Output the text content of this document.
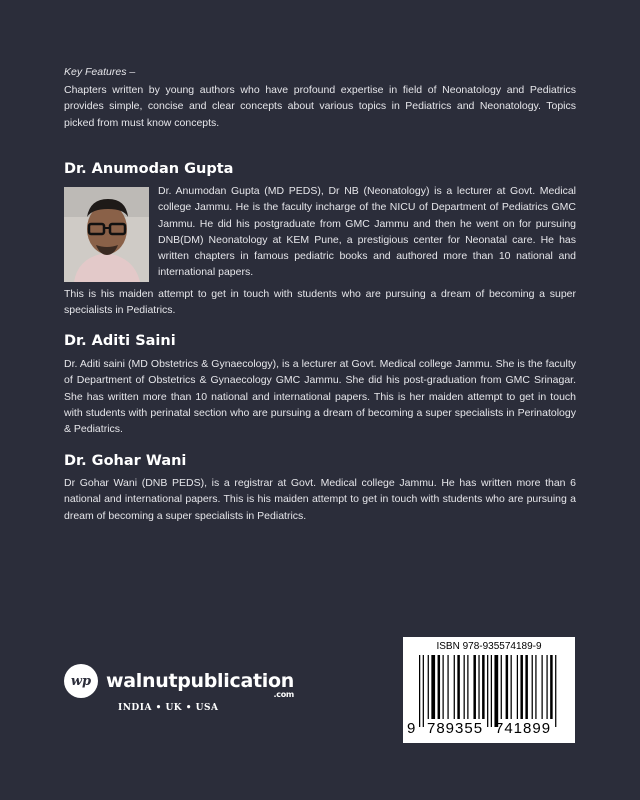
Key Features –
Chapters written by young authors who have profound expertise in field of Neonatology and Pediatrics provides simple, concise and clear concepts about various topics in Pediatrics and Neonatology. Topics picked from must know concepts.
Dr. Anumodan Gupta
Dr. Anumodan Gupta (MD PEDS), Dr NB (Neonatology) is a lecturer at Govt. Medical college Jammu. He is the faculty incharge of the NICU of Department of Pediatrics GMC Jammu. He did his postgraduate from GMC Jammu and then he went on for pursuing DNB(DM) Neonatology at KEM Pune, a prestigious center for Neonatal care. He has written chapters in famous pediatric books and authored more than 10 national and international papers.
This is his maiden attempt to get in touch with students who are pursuing a dream of becoming a super specialists in Pediatrics.
Dr. Aditi Saini
Dr. Aditi saini (MD Obstetrics & Gynaecology), is a lecturer at Govt. Medical college Jammu. She is the faculty of Department of Obstetrics & Gynaecology GMC Jammu. She did his post-graduation from GMC Srinagar. She has written more than 10 national and international papers. This is her maiden attempt to get in touch with students with perinatal section who are pursuing a dream of becoming a super specialists in Perinatology & Pediatrics.
Dr. Gohar Wani
Dr Gohar Wani (DNB PEDS), is a registrar at Govt. Medical college Jammu. He has written more than 6 national and international papers. This is his maiden attempt to get in touch with students who are pursuing a dream of becoming a super specialists in Pediatrics.
wp walnutpublication
.com
INDIA • UK • USA
ISBN 978-935574189-9
9 789355 741899
